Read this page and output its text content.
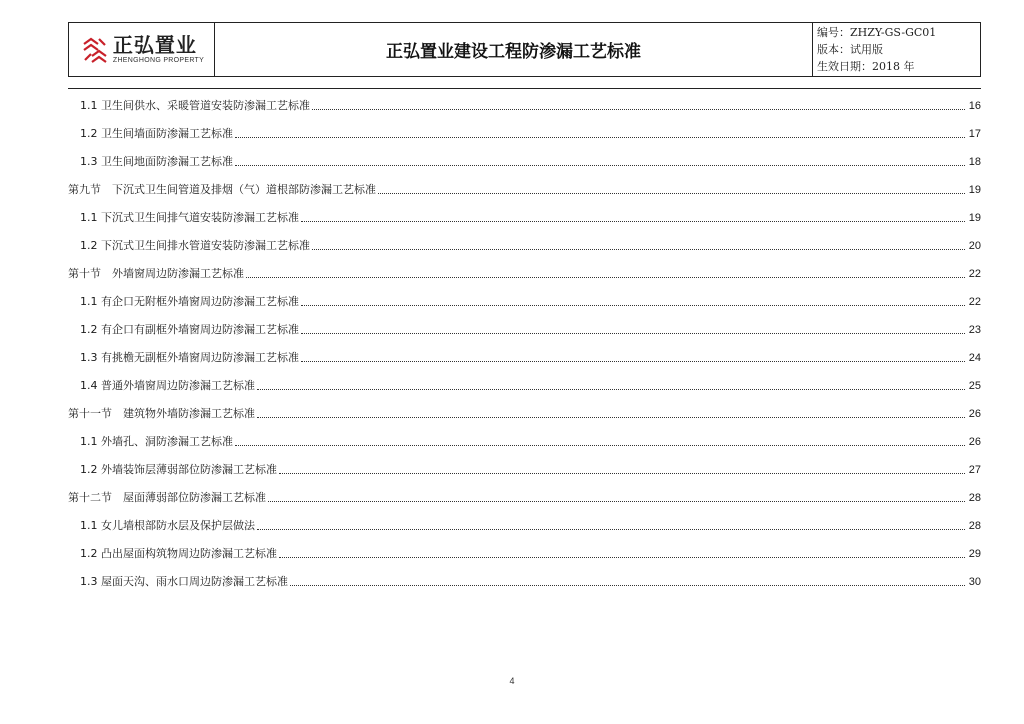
正弘置业
ZHENGHONG PROPERTY	正弘置业建设工程防渗漏工艺标准
编号：ZHZY-GS-GC01
版本：试用版
生效日期：2018 年
1.1 卫生间供水、采暖管道安装防渗漏工艺标准	16
1.2 卫生间墙面防渗漏工艺标准	17
1.3 卫生间地面防渗漏工艺标准	18
第九节　下沉式卫生间管道及排烟（气）道根部防渗漏工艺标准	19
1.1 下沉式卫生间排气道安装防渗漏工艺标准	19
1.2 下沉式卫生间排水管道安装防渗漏工艺标准	20
第十节　外墙窗周边防渗漏工艺标准	22
1.1 有企口无附框外墙窗周边防渗漏工艺标准	22
1.2 有企口有副框外墙窗周边防渗漏工艺标准	23
1.3 有挑檐无副框外墙窗周边防渗漏工艺标准	24
1.4 普通外墙窗周边防渗漏工艺标准	25
第十一节　建筑物外墙防渗漏工艺标准	26
1.1 外墙孔、洞防渗漏工艺标准	26
1.2 外墙装饰层薄弱部位防渗漏工艺标准	27
第十二节　屋面薄弱部位防渗漏工艺标准	28
1.1 女儿墙根部防水层及保护层做法	28
1.2 凸出屋面构筑物周边防渗漏工艺标准	29
1.3 屋面天沟、雨水口周边防渗漏工艺标准	30
4
